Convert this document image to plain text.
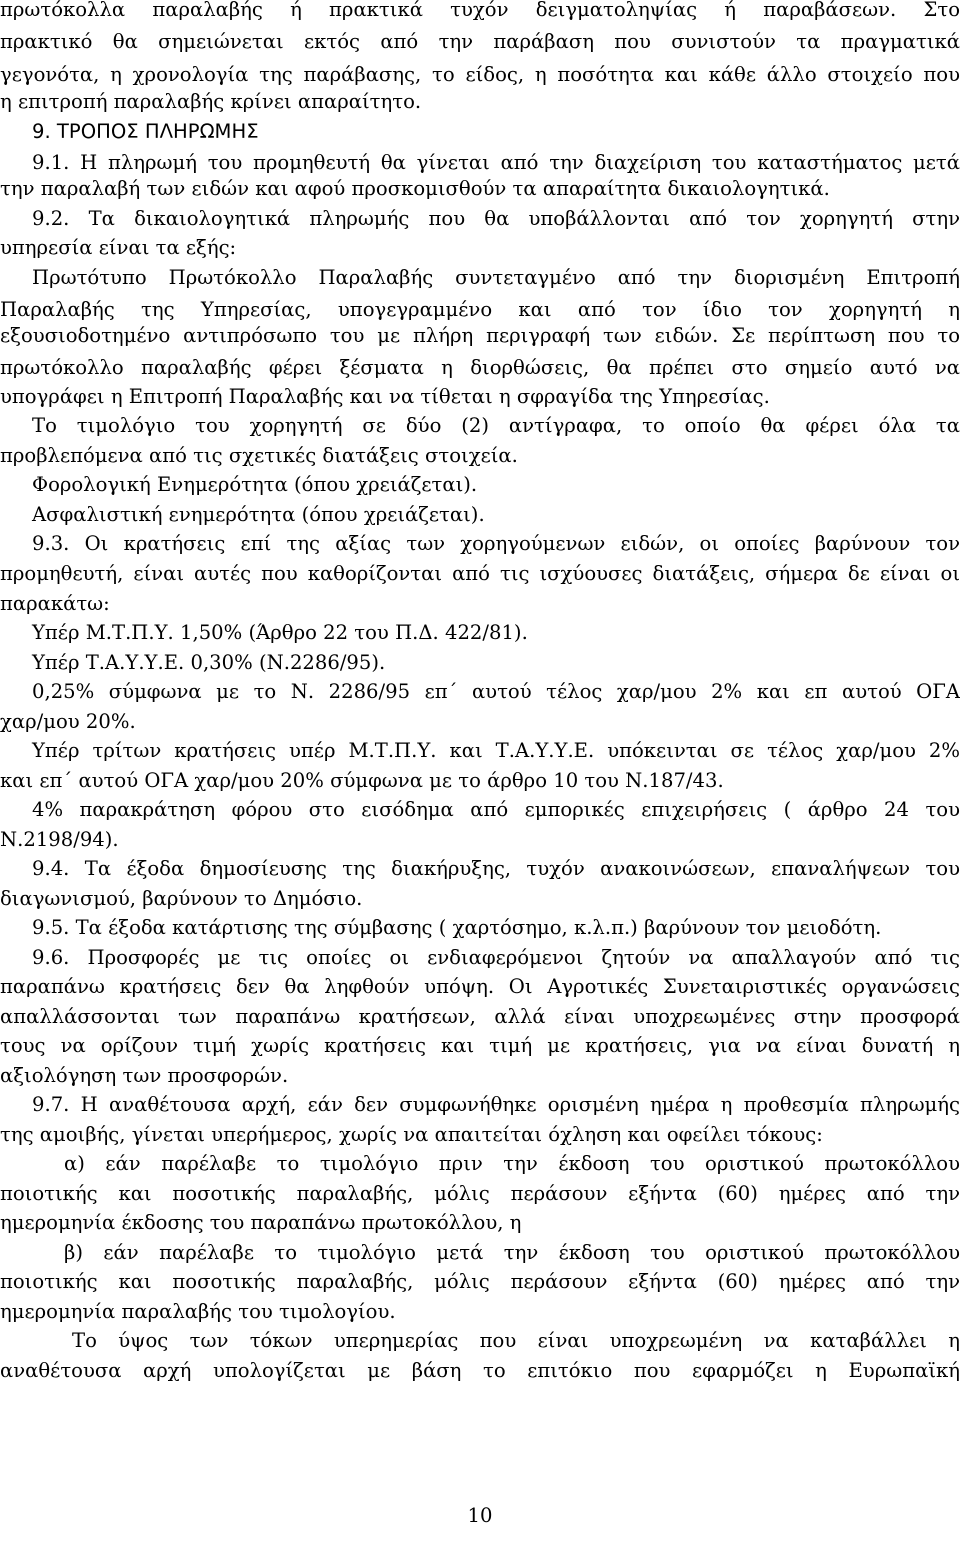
πρωτόκολλα παραλαβής ή πρακτικά τυχόν δειγματοληψίας ή παραβάσεων. Στο
πρακτικό θα σημειώνεται εκτός από την παράβαση που συνιστούν τα πραγματικά
γεγονότα, η χρονολογία της παράβασης, το είδος, η ποσότητα και κάθε άλλο στοιχείο που
η επιτροπή παραλαβής κρίνει απαραίτητο.
9. ΤΡΟΠΟΣ ΠΛΗΡΩΜΗΣ
9.1. Η πληρωμή του προμηθευτή θα γίνεται από την διαχείριση του καταστήματος μετά
την παραλαβή των ειδών και αφού προσκομισθούν τα απαραίτητα δικαιολογητικά.
9.2. Τα δικαιολογητικά πληρωμής που θα υποβάλλονται από τον χορηγητή στην
υπηρεσία είναι τα εξής:
Πρωτότυπο Πρωτόκολλο Παραλαβής συντεταγμένο από την διορισμένη Επιτροπή
Παραλαβής της Υπηρεσίας, υπογεγραμμένο και από τον ίδιο τον χορηγητή η
εξουσιοδοτημένο αντιπρόσωπο του με πλήρη περιγραφή των ειδών. Σε περίπτωση που το
πρωτόκολλο παραλαβής φέρει ξέσματα η διορθώσεις, θα πρέπει στο σημείο αυτό να
υπογράφει η Επιτροπή Παραλαβής και να τίθεται η σφραγίδα της Υπηρεσίας.
Το τιμολόγιο του χορηγητή σε δύο (2) αντίγραφα, το οποίο θα φέρει όλα τα
προβλεπόμενα από τις σχετικές διατάξεις στοιχεία.
Φορολογική Ενημερότητα (όπου χρειάζεται).
Ασφαλιστική ενημερότητα (όπου χρειάζεται).
9.3. Οι κρατήσεις επί της αξίας των χορηγούμενων ειδών, οι οποίες βαρύνουν τον
προμηθευτή, είναι αυτές που καθορίζονται από τις ισχύουσες διατάξεις, σήμερα δε είναι οι
παρακάτω:
Υπέρ Μ.Τ.Π.Υ. 1,50% (Άρθρο 22 του Π.Δ. 422/81).
Υπέρ Τ.Α.Υ.Υ.Ε. 0,30% (Ν.2286/95).
0,25% σύμφωνα με το Ν. 2286/95 επ΄ αυτού τέλος χαρ/μου 2% και επ αυτού ΟΓΑ
χαρ/μου 20%.
Υπέρ τρίτων κρατήσεις υπέρ Μ.Τ.Π.Υ. και Τ.Α.Υ.Υ.Ε. υπόκεινται σε τέλος χαρ/μου 2%
και επ΄ αυτού ΟΓΑ χαρ/μου 20% σύμφωνα με το άρθρο 10 του Ν.187/43.
4% παρακράτηση φόρου στο εισόδημα από εμπορικές επιχειρήσεις ( άρθρο 24 του
Ν.2198/94).
9.4. Τα έξοδα δημοσίευσης της διακήρυξης, τυχόν ανακοινώσεων, επαναλήψεων του
διαγωνισμού, βαρύνουν το Δημόσιο.
9.5. Τα έξοδα κατάρτισης της σύμβασης ( χαρτόσημο, κ.λ.π.) βαρύνουν τον μειοδότη.
9.6. Προσφορές με τις οποίες οι ενδιαφερόμενοι ζητούν να απαλλαγούν από τις
παραπάνω κρατήσεις δεν θα ληφθούν υπόψη. Οι Αγροτικές Συνεταιριστικές οργανώσεις
απαλλάσσονται των παραπάνω κρατήσεων, αλλά είναι υποχρεωμένες στην προσφορά
τους να ορίζουν τιμή χωρίς κρατήσεις και τιμή με κρατήσεις, για να είναι δυνατή η
αξιολόγηση των προσφορών.
9.7. Η αναθέτουσα αρχή, εάν δεν συμφωνήθηκε ορισμένη ημέρα η προθεσμία πληρωμής
της αμοιβής, γίνεται υπερήμερος, χωρίς να απαιτείται όχληση και οφείλει τόκους:
α) εάν παρέλαβε το τιμολόγιο πριν την έκδοση του οριστικού πρωτοκόλλου
ποιοτικής και ποσοτικής παραλαβής, μόλις περάσουν εξήντα (60) ημέρες από την
ημερομηνία έκδοσης του παραπάνω πρωτοκόλλου, η
β) εάν παρέλαβε το τιμολόγιο μετά την έκδοση του οριστικού πρωτοκόλλου
ποιοτικής και ποσοτικής παραλαβής, μόλις περάσουν εξήντα (60) ημέρες από την
ημερομηνία παραλαβής του τιμολογίου.
Το ύψος των τόκων υπερημερίας που είναι υποχρεωμένη να καταβάλλει η
αναθέτουσα αρχή υπολογίζεται με βάση το επιτόκιο που εφαρμόζει η Ευρωπαϊκή
10
